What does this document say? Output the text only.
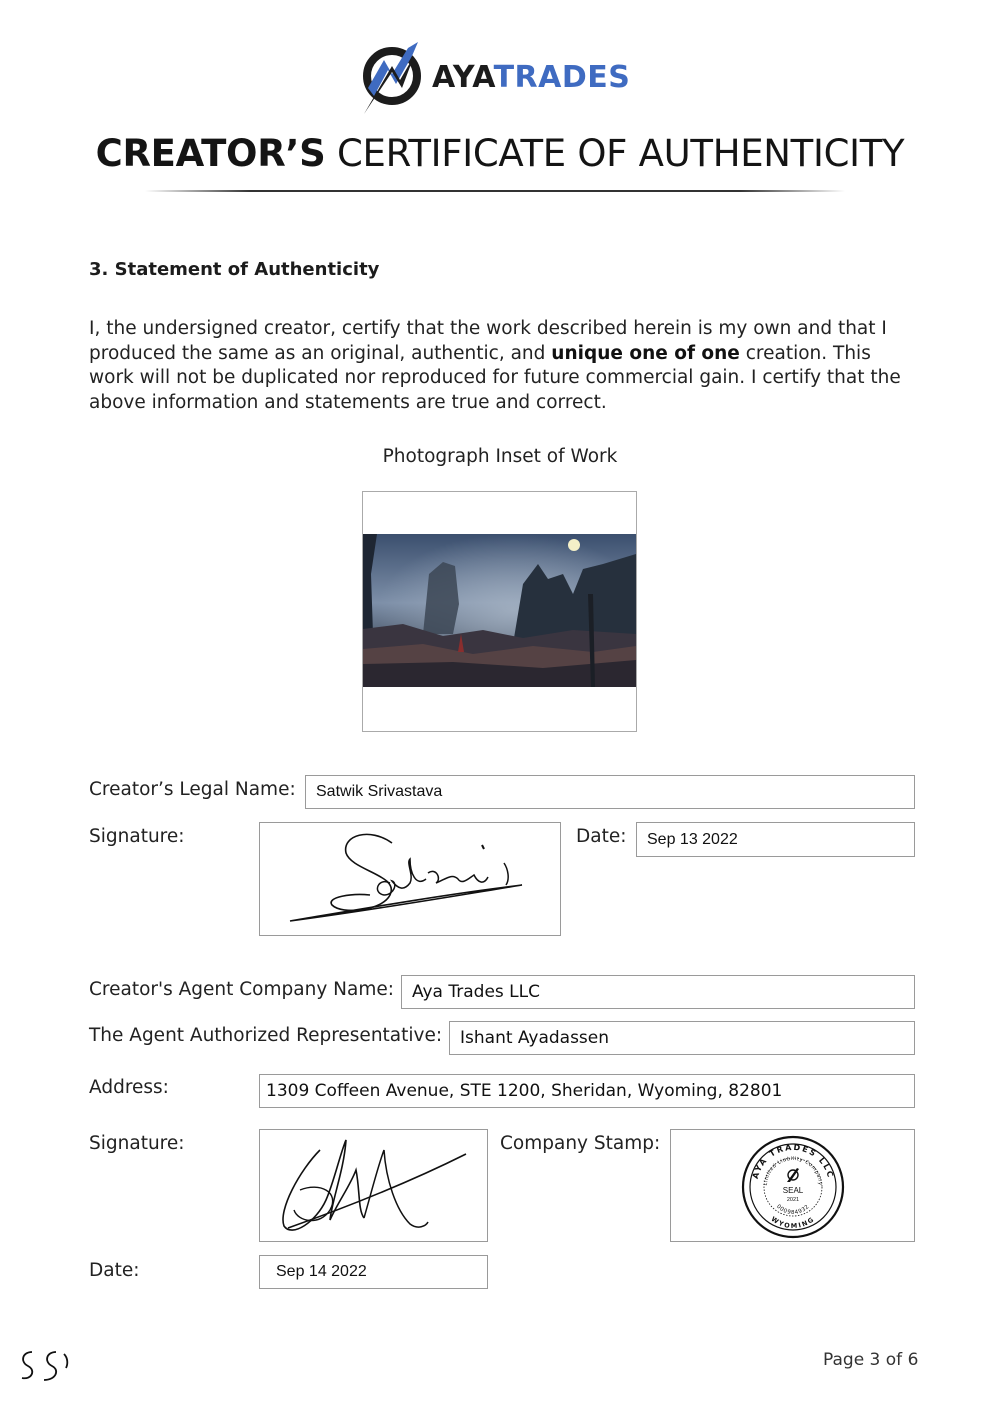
AYATRADES
CREATOR’S CERTIFICATE OF AUTHENTICITY
3. Statement of Authenticity
I, the undersigned creator, certify that the work described herein is my own and that I produced the same as an original, authentic, and unique one of one creation. This work will not be duplicated nor reproduced for future commercial gain. I certify that the above information and statements are true and correct.
Photograph Inset of Work
Creator’s Legal Name: Satwik Srivastava
Signature:	Date: Sep 13 2022
Creator's Agent Company Name: Aya Trades LLC
The Agent Authorized Representative: Ishant Ayadassen
Address:	1309 Coffeen Avenue, STE 1200, Sheridan, Wyoming, 82801
Signature:	Company Stamp:
AYA TRADES LLC
Limited Liability Company
WYOMING
000984932
SEAL
2021
Date:	Sep 14 2022
Page 3 of 6
